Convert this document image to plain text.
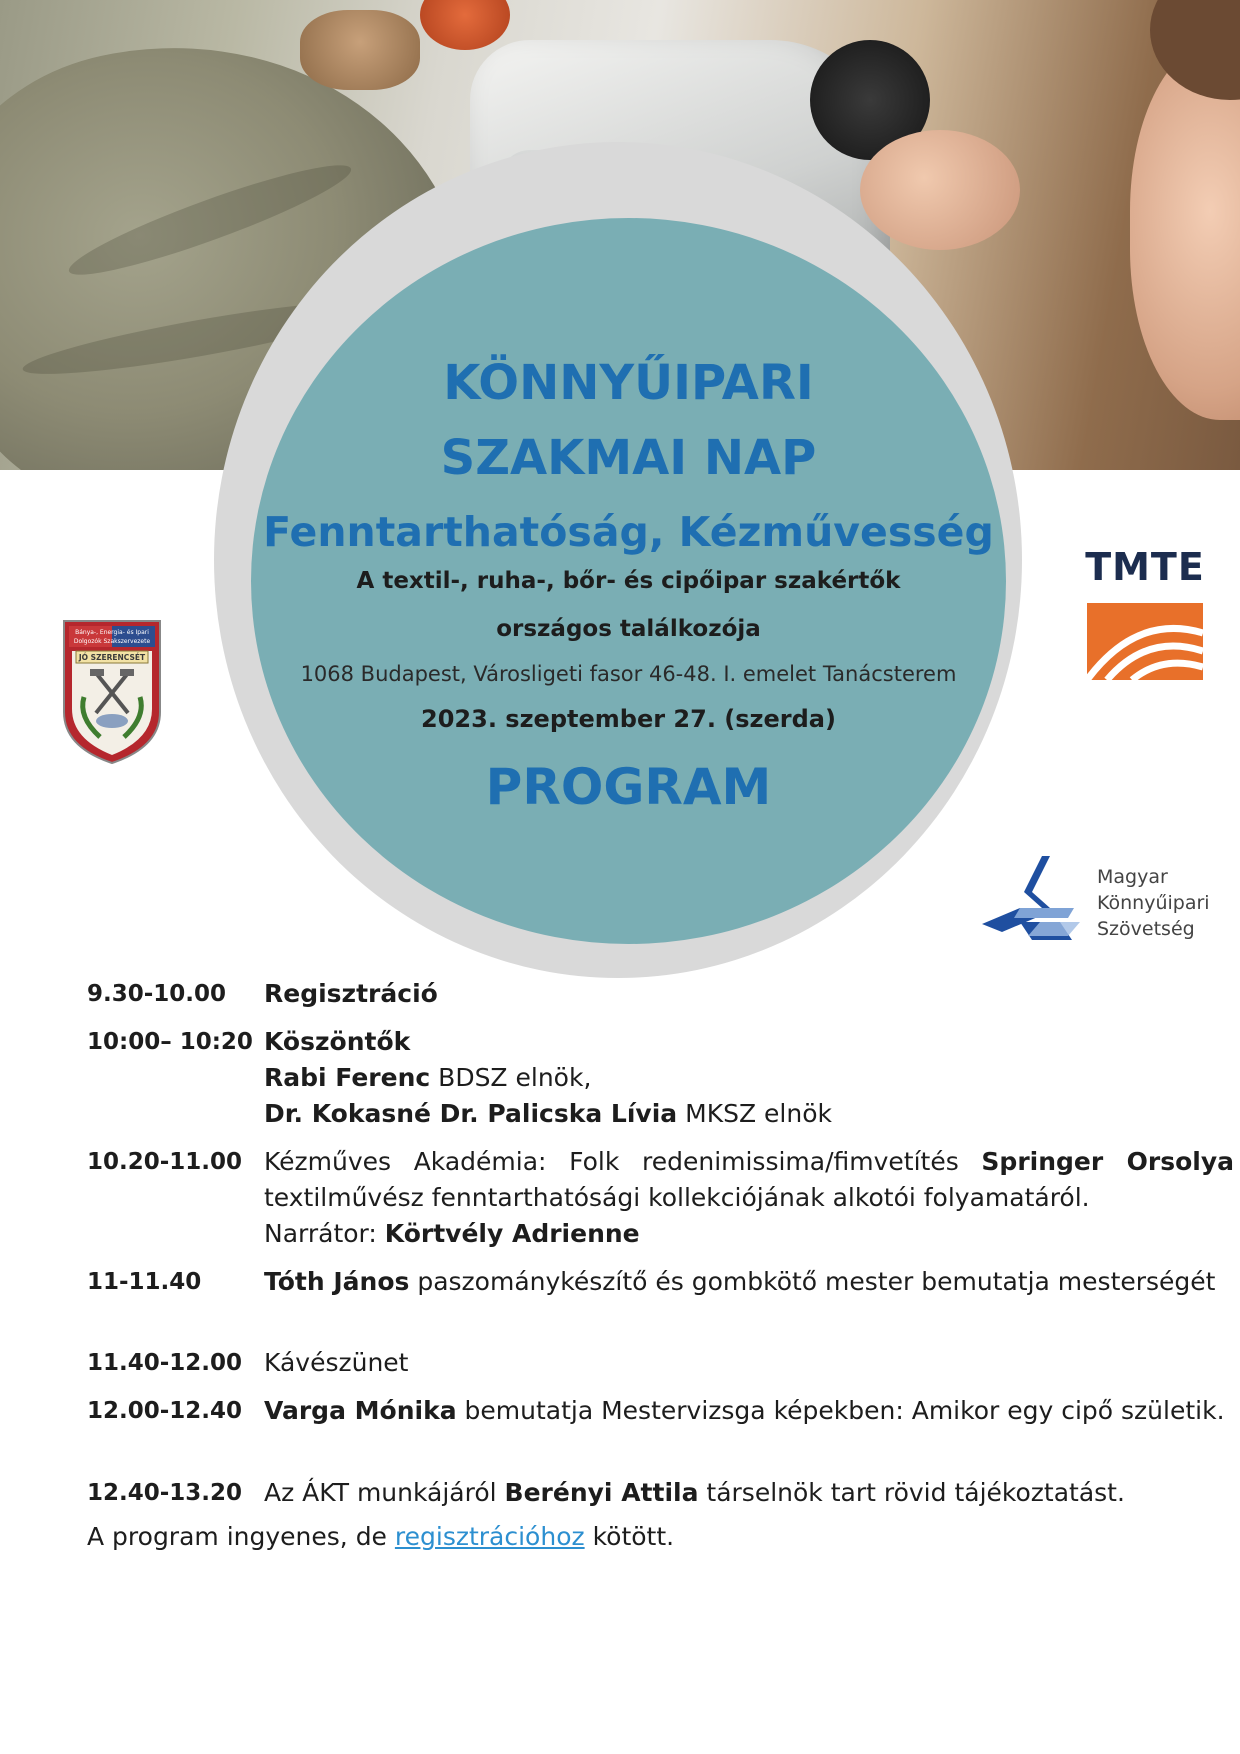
KÖNNYŰIPARI
SZAKMAI NAP
Fenntarthatóság, Kézművesség
A textil-, ruha-, bőr- és cipőipar szakértők
országos találkozója
1068 Budapest, Városligeti fasor 46-48. I. emelet Tanácsterem
2023. szeptember 27. (szerda)
PROGRAM
Bánya-, Energia- és Ipari
Dolgozók Szakszervezete
JÓ SZERENCSÉT
TMTE
Magyar
Könnyűipari
Szövetség
9.30-10.00	Regisztráció
10:00– 10:20 Köszöntők
Rabi Ferenc BDSZ elnök,
Dr. Kokasné Dr. Palicska Lívia MKSZ elnök
10.20-11.00 Kézműves Akadémia: Folk redenimissima/fimvetítés Springer Orsolya textilművész fenntarthatósági kollekciójának alkotói folyamatáról.
Narrátor: Körtvély Adrienne
11-11.40	Tóth János paszománykészítő és gombkötő mester bemutatja mesterségét
11.40-12.00 Kávészünet
12.00-12.40 Varga Mónika bemutatja Mestervizsga képekben: Amikor egy cipő születik.
12.40-13.20 Az ÁKT munkájáról Berényi Attila társelnök tart rövid tájékoztatást.
A program ingyenes, de regisztrációhoz kötött.
